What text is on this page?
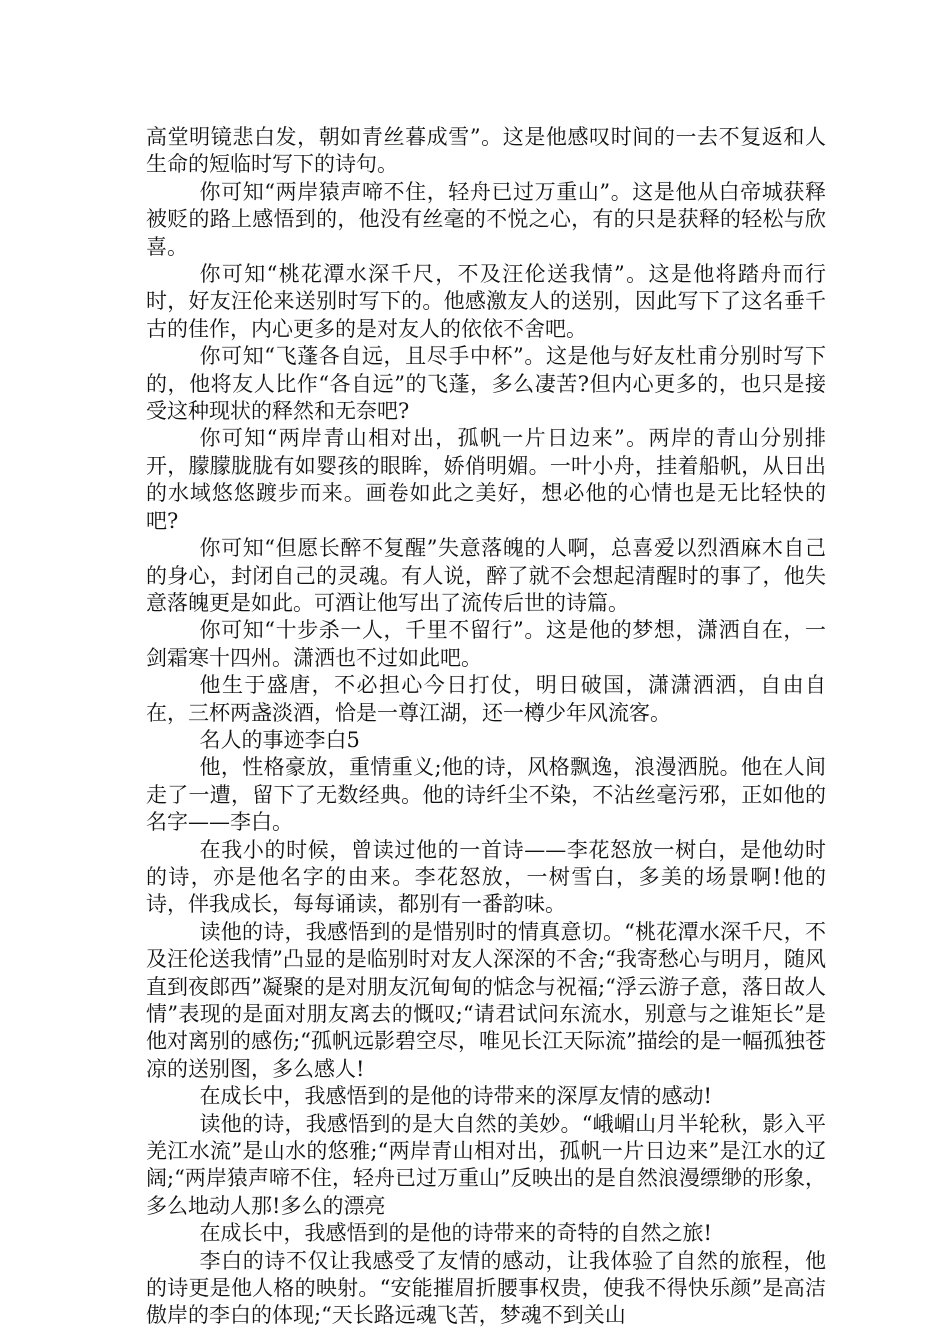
高堂明镜悲白发，朝如青丝暮成雪”。这是他感叹时间的一去不复返和人生命的短临时写下的诗句。

你可知“两岸猿声啼不住，轻舟已过万重山”。这是他从白帝城获释被贬的路上感悟到的，他没有丝毫的不悦之心，有的只是获释的轻松与欣喜。

你可知“桃花潭水深千尺，不及汪伦送我情”。这是他将踏舟而行时，好友汪伦来送别时写下的。他感激友人的送别，因此写下了这名垂千古的佳作，内心更多的是对友人的依依不舍吧。

你可知“飞蓬各自远，且尽手中杯”。这是他与好友杜甫分别时写下的，他将友人比作“各自远”的飞蓬，多么凄苦?但内心更多的，也只是接受这种现状的释然和无奈吧?

你可知“两岸青山相对出，孤帆一片日边来”。两岸的青山分别排开，朦朦胧胧有如婴孩的眼眸，娇俏明媚。一叶小舟，挂着船帆，从日出的水域悠悠踱步而来。画卷如此之美好，想必他的心情也是无比轻快的吧?

你可知“但愿长醉不复醒”失意落魄的人啊，总喜爱以烈酒麻木自己的身心，封闭自己的灵魂。有人说，醉了就不会想起清醒时的事了，他失意落魄更是如此。可酒让他写出了流传后世的诗篇。

你可知“十步杀一人，千里不留行”。这是他的梦想，潇洒自在，一剑霜寒十四州。潇洒也不过如此吧。

他生于盛唐，不必担心今日打仗，明日破国，潇潇洒洒，自由自在，三杯两盏淡酒，恰是一尊江湖，还一樽少年风流客。

名人的事迹李白5

他，性格豪放，重情重义;他的诗，风格飘逸，浪漫洒脱。他在人间走了一遭，留下了无数经典。他的诗纤尘不染，不沾丝毫污邪，正如他的名字——李白。

在我小的时候，曾读过他的一首诗——李花怒放一树白，是他幼时的诗，亦是他名字的由来。李花怒放，一树雪白，多美的场景啊!他的诗，伴我成长，每每诵读，都别有一番韵味。

读他的诗，我感悟到的是惜别时的情真意切。“桃花潭水深千尺，不及汪伦送我情”凸显的是临别时对友人深深的不舍;“我寄愁心与明月，随风直到夜郎西”凝聚的是对朋友沉甸甸的惦念与祝福;“浮云游子意，落日故人情”表现的是面对朋友离去的慨叹;“请君试问东流水，别意与之谁矩长”是他对离别的感伤;“孤帆远影碧空尽，唯见长江天际流”描绘的是一幅孤独苍凉的送别图，多么感人!

在成长中，我感悟到的是他的诗带来的深厚友情的感动!

读他的诗，我感悟到的是大自然的美妙。“峨嵋山月半轮秋，影入平羌江水流”是山水的悠雅;“两岸青山相对出，孤帆一片日边来”是江水的辽阔;“两岸猿声啼不住，轻舟已过万重山”反映出的是自然浪漫缥缈的形象，多么地动人那!多么的漂亮

在成长中，我感悟到的是他的诗带来的奇特的自然之旅!

李白的诗不仅让我感受了友情的感动，让我体验了自然的旅程，他的诗更是他人格的映射。“安能摧眉折腰事权贵，使我不得快乐颜”是高洁傲岸的李白的体现;“天长路远魂飞苦，梦魂不到关山
